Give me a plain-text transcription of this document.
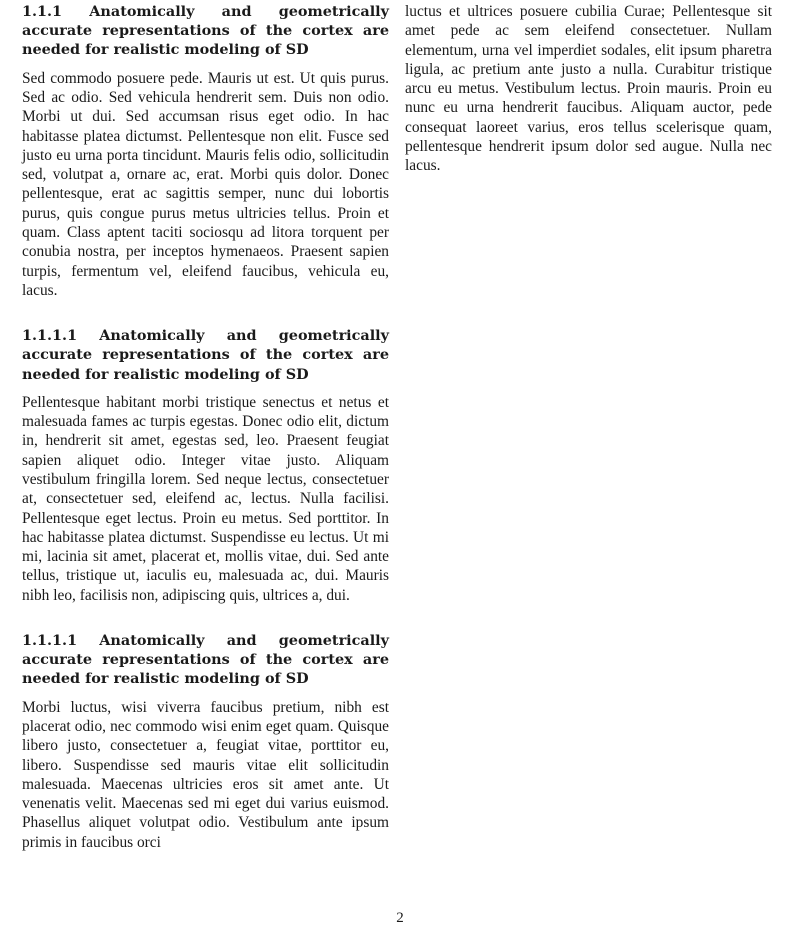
1.1.1 Anatomically and geometrically accurate representations of the cortex are needed for realistic modeling of SD

Sed commodo posuere pede. Mauris ut est. Ut quis purus. Sed ac odio. Sed vehicula hendrerit sem. Duis non odio. Morbi ut dui. Sed accumsan risus eget odio. In hac habitasse platea dictumst. Pellentesque non elit. Fusce sed justo eu urna porta tincidunt. Mauris felis odio, sollicitudin sed, volutpat a, ornare ac, erat. Morbi quis dolor. Donec pellentesque, erat ac sagittis semper, nunc dui lobortis purus, quis congue purus metus ultricies tellus. Proin et quam. Class aptent taciti sociosqu ad litora torquent per conubia nostra, per inceptos hymenaeos. Praesent sapien turpis, fermentum vel, eleifend faucibus, vehicula eu, lacus.

1.1.1.1 Anatomically and geometrically accurate representations of the cortex are needed for realistic modeling of SD

Pellentesque habitant morbi tristique senectus et netus et malesuada fames ac turpis egestas. Donec odio elit, dictum in, hendrerit sit amet, egestas sed, leo. Praesent feugiat sapien aliquet odio. Integer vitae justo. Aliquam vestibulum fringilla lorem. Sed neque lectus, consectetuer at, consectetuer sed, eleifend ac, lectus. Nulla facilisi. Pellentesque eget lectus. Proin eu metus. Sed porttitor. In hac habitasse platea dictumst. Suspendisse eu lectus. Ut mi mi, lacinia sit amet, placerat et, mollis vitae, dui. Sed ante tellus, tristique ut, iaculis eu, malesuada ac, dui. Mauris nibh leo, facilisis non, adipiscing quis, ultrices a, dui.

1.1.1.1 Anatomically and geometrically accurate representations of the cortex are needed for realistic modeling of SD

Morbi luctus, wisi viverra faucibus pretium, nibh est placerat odio, nec commodo wisi enim eget quam. Quisque libero justo, consectetuer a, feugiat vitae, porttitor eu, libero. Suspendisse sed mauris vitae elit sollicitudin malesuada. Maecenas ultricies eros sit amet ante. Ut venenatis velit. Maecenas sed mi eget dui varius euismod. Phasellus aliquet volutpat odio. Vestibulum ante ipsum primis in faucibus orci

luctus et ultrices posuere cubilia Curae; Pellentesque sit amet pede ac sem eleifend consectetuer. Nullam elementum, urna vel imperdiet sodales, elit ipsum pharetra ligula, ac pretium ante justo a nulla. Curabitur tristique arcu eu metus. Vestibulum lectus. Proin mauris. Proin eu nunc eu urna hendrerit faucibus. Aliquam auctor, pede consequat laoreet varius, eros tellus scelerisque quam, pellentesque hendrerit ipsum dolor sed augue. Nulla nec lacus.

2
